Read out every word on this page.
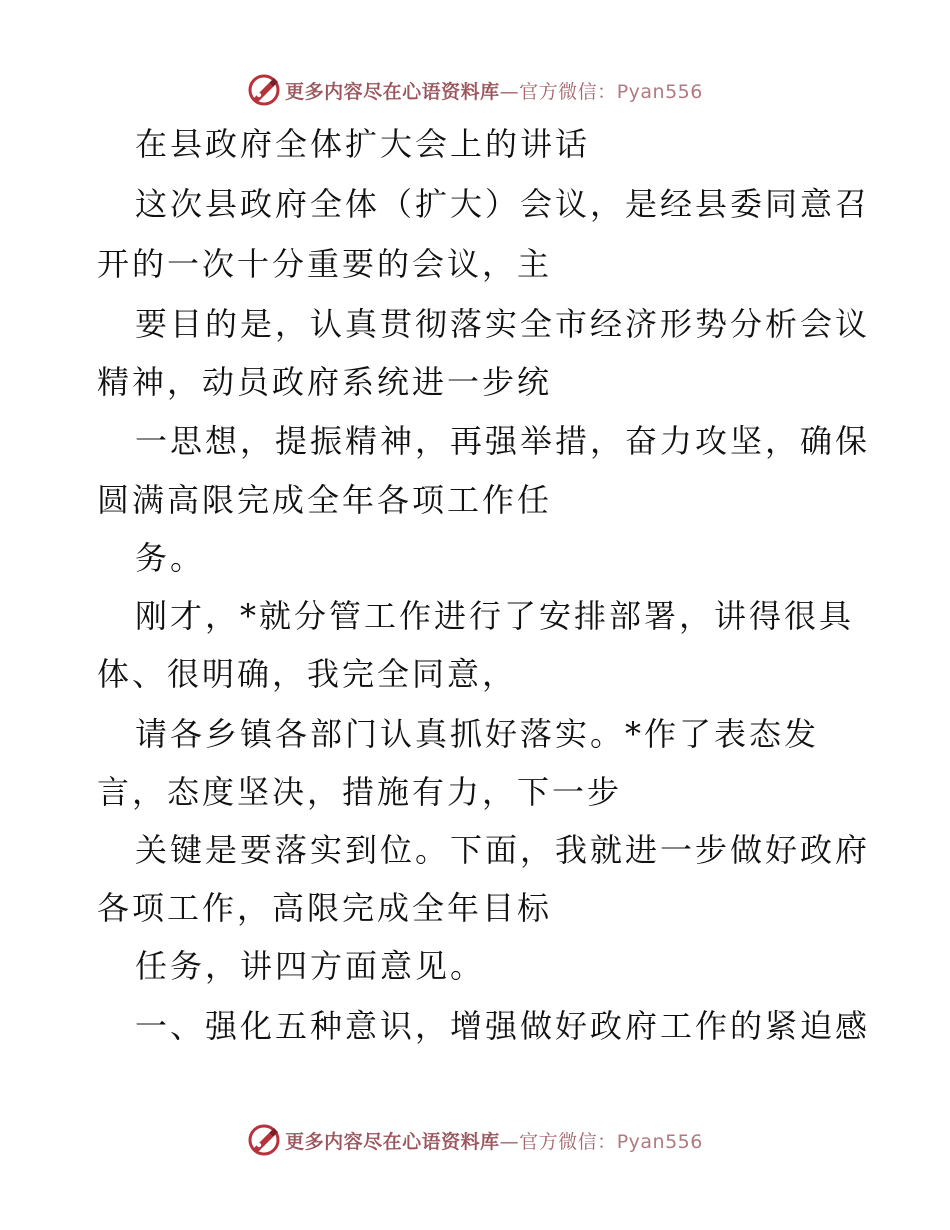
更多内容尽在心语资料库—官方微信：Pyan556
在县政府全体扩大会上的讲话
这次县政府全体（扩大）会议，是经县委同意召
开的一次十分重要的会议，主
要目的是，认真贯彻落实全市经济形势分析会议
精神，动员政府系统进一步统
一思想，提振精神，再强举措，奋力攻坚，确保
圆满高限完成全年各项工作任
务。
刚才，*就分管工作进行了安排部署，讲得很具
体、很明确，我完全同意，
请各乡镇各部门认真抓好落实。*作了表态发
言，态度坚决，措施有力，下一步
关键是要落实到位。下面，我就进一步做好政府
各项工作，高限完成全年目标
任务，讲四方面意见。
一、强化五种意识，增强做好政府工作的紧迫感
更多内容尽在心语资料库—官方微信：Pyan556
